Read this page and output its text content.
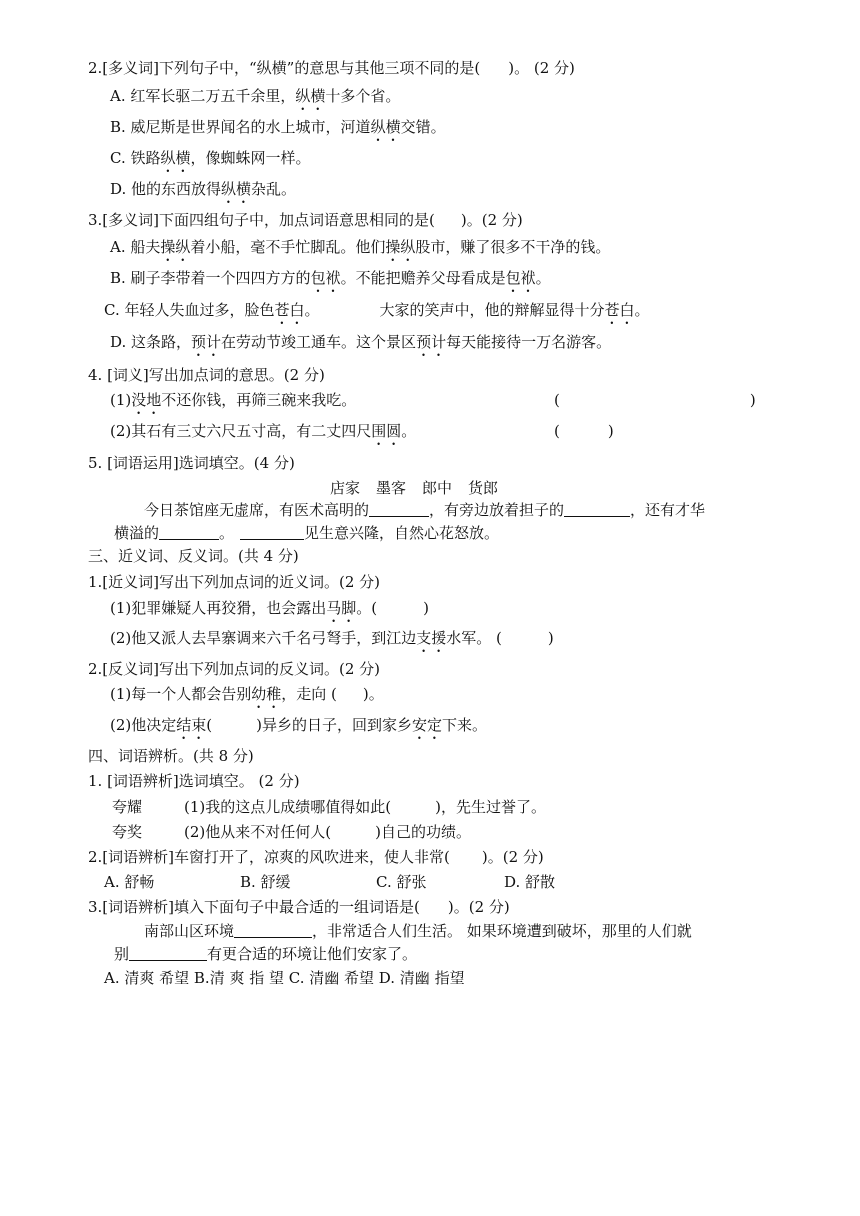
2.[多义词]下列句子中，“纵横”的意思与其他三项不同的是( )。 (2 分)
A. 红军长驱二万五千余里，纵横十多个省。
B. 威尼斯是世界闻名的水上城市，河道纵横交错。
C. 铁路纵横，像蜘蛛网一样。
D. 他的东西放得纵横杂乱。
3.[多义词]下面四组句子中，加点词语意思相同的是( )。(2 分)
A. 船夫操纵着小船，毫不手忙脚乱。他们操纵股市，赚了很多不干净的钱。
B. 刷子李带着一个四四方方的包袱。不能把赡养父母看成是包袱。
C. 年轻人失血过多，脸色苍白。	大家的笑声中，他的辩解显得十分苍白。
D. 这条路，预计在劳动节竣工通车。这个景区预计每天能接待一万名游客。
4. [词义]写出加点词的意思。(2 分)
(1)没地不还你钱，再筛三碗来我吃。	(	)
(2)其石有三丈六尺五寸高，有二丈四尺围圆。	(	)
5. [词语运用]选词填空。(4 分)
店家 墨客 郎中 货郎
今日茶馆座无虚席，有医术高明的	，有旁边放着担子的	，还有才华
横溢的	。	见生意兴隆，自然心花怒放。
三、近义词、反义词。(共 4 分)
1.[近义词]写出下列加点词的近义词。(2 分)
(1)犯罪嫌疑人再狡猾，也会露出马脚。(	)
(2)他又派人去旱寨调来六千名弓弩手，到江边支援水军。 (	)
2.[反义词]写出下列加点词的反义词。(2 分)
(1)每一个人都会告别幼稚，走向 ( )。
(2)他决定结束(	)异乡的日子，回到家乡安定下来。
四、词语辨析。(共 8 分)
1. [词语辨析]选词填空。 (2 分)
夸耀	(1)我的这点儿成绩哪值得如此(	)，先生过誉了。
夸奖	(2)他从来不对任何人(	)自己的功绩。
2.[词语辨析]车窗打开了，凉爽的风吹进来，使人非常( )。(2 分)
A. 舒畅	B. 舒缓	C. 舒张	D. 舒散
3.[词语辨析]填入下面句子中最合适的一组词语是( )。(2 分)
南部山区环境	，非常适合人们生活。 如果环境遭到破坏，那里的人们就
别	有更合适的环境让他们安家了。
A. 清爽 希望 B.清 爽 指 望 C. 清幽 希望 D. 清幽 指望
